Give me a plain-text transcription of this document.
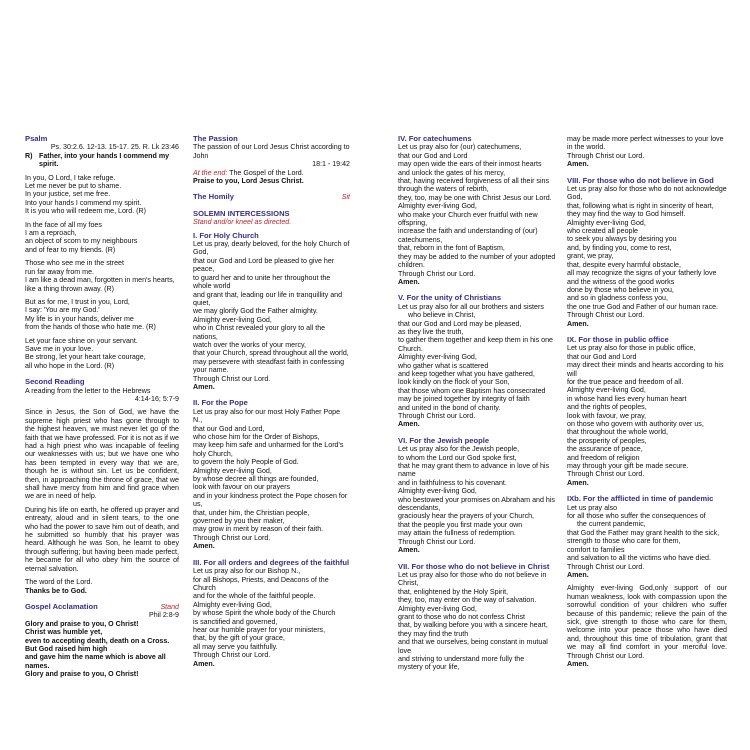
Psalm

Ps. 30:2.6. 12-13. 15-17. 25. R. Lk 23:46

R) Father, into your hands I commend my spirit.

In you, O Lord, I take refuge.

Let me never be put to shame.

In your justice, set me free.

Into your hands I commend my spirit.

It is you who will redeem me, Lord. (R)

In the face of all my foes

I am a reproach,

an object of scorn to my neighbours

and of fear to my friends. (R)

Those who see me in the street

run far away from me.

I am like a dead man, forgotten in men's hearts,

like a thing thrown away. (R)

But as for me, I trust in you, Lord,

I say: 'You are my God.'

My life is in your hands, deliver me

from the hands of those who hate me. (R)

Let your face shine on your servant.

Save me in your love.

Be strong, let your heart take courage,

all who hope in the Lord. (R)

Second Reading

A reading from the letter to the Hebrews

4:14-16; 5:7-9

Since in Jesus, the Son of God, we have the supreme high priest who has gone through to the highest heaven, we must never let go of the faith that we have professed. For it is not as if we had a high priest who was incapable of feeling our weaknesses with us; but we have one who has been tempted in every way that we are, though he is without sin. Let us be confident, then, in approaching the throne of grace, that we shall have mercy from him and find grace when we are in need of help.

During his life on earth, he offered up prayer and entreaty, aloud and in silent tears, to the one who had the power to save him out of death, and he submitted so humbly that his prayer was heard. Although he was Son, he learnt to obey through suffering; but having been made perfect, he became for all who obey him the source of eternal salvation.

The word of the Lord.

Thanks be to God.

Gospel Acclamation	Stand

Phil 2:8-9

Glory and praise to you, O Christ!

Christ was humble yet,

even to accepting death, death on a Cross.

But God raised him high

and gave him the name which is above all names.

Glory and praise to you, O Christ!

The Passion

The passion of our Lord Jesus Christ according to John

18:1 - 19:42

At the end: The Gospel of the Lord.

Praise to you, Lord Jesus Christ.

The Homily	Sit
SOLEMN INTERCESSIONS

Stand and/or kneel as directed.

I. For Holy Church

Let us pray, dearly beloved, for the holy Church of God,

that our God and Lord be pleased to give her peace,

to guard her and to unite her throughout the whole world

and grant that, leading our life in tranquillity and quiet,

we may glorify God the Father almighty.

Almighty ever-living God,

who in Christ revealed your glory to all the nations,

watch over the works of your mercy,

that your Church, spread throughout all the world,

may persevere with steadfast faith in confessing your name.

Through Christ our Lord.

Amen.

II. For the Pope

Let us pray also for our most Holy Father Pope N.,

that our God and Lord,

who chose him for the Order of Bishops,

may keep him safe and unharmed for the Lord's holy Church,

to govern the holy People of God.

Almighty ever-living God,

by whose decree all things are founded,

look with favour on our prayers

and in your kindness protect the Pope chosen for us,

that, under him, the Christian people,

governed by you their maker,

may grow in merit by reason of their faith.

Through Christ our Lord.

Amen.

III. For all orders and degrees of the faithful

Let us pray also for our Bishop N.,

for all Bishops, Priests, and Deacons of the Church

and for the whole of the faithful people.

Almighty ever-living God,

by whose Spirit the whole body of the Church

is sanctified and governed,

hear our humble prayer for your ministers,

that, by the gift of your grace,

all may serve you faithfully.

Through Christ our Lord.

Amen.

IV. For catechumens

Let us pray also for (our) catechumens,

that our God and Lord

may open wide the ears of their inmost hearts

and unlock the gates of his mercy,

that, having received forgiveness of all their sins

through the waters of rebirth,

they, too, may be one with Christ Jesus our Lord.

Almighty ever-living God,

who make your Church ever fruitful with new offspring,

increase the faith and understanding of (our) catechumens,

that, reborn in the font of Baptism,

they may be added to the number of your adopted children.

Through Christ our Lord.

Amen.

V. For the unity of Christians

Let us pray also for all our brothers and sisters

who believe in Christ,

that our God and Lord may be pleased,

as they live the truth,

to gather them together and keep them in his one Church.

Almighty ever-living God,

who gather what is scattered

and keep together what you have gathered,

look kindly on the flock of your Son,

that those whom one Baptism has consecrated

may be joined together by integrity of faith

and united in the bond of charity.

Through Christ our Lord.

Amen.

VI. For the Jewish people

Let us pray also for the Jewish people,

to whom the Lord our God spoke first,

that he may grant them to advance in love of his name

and in faithfulness to his covenant.

Almighty ever-living God,

who bestowed your promises on Abraham and his descendants,

graciously hear the prayers of your Church,

that the people you first made your own

may attain the fullness of redemption.

Through Christ our Lord.

Amen.

VII. For those who do not believe in Christ

Let us pray also for those who do not believe in Christ,

that, enlightened by the Holy Spirit,

they, too, may enter on the way of salvation.

Almighty ever-living God,

grant to those who do not confess Christ

that, by walking before you with a sincere heart,

they may find the truth

and that we ourselves, being constant in mutual love

and striving to understand more fully the

mystery of your life,

may be made more perfect witnesses to your love in the world.

Through Christ our Lord.

Amen.

VIII. For those who do not believe in God

Let us pray also for those who do not acknowledge God,

that, following what is right in sincerity of heart,

they may find the way to God himself.

Almighty ever-living God,

who created all people

to seek you always by desiring you

and, by finding you, come to rest,

grant, we pray,

that, despite every harmful obstacle,

all may recognize the signs of your fatherly love

and the witness of the good works

done by those who believe in you,

and so in gladness confess you,

the one true God and Father of our human race.

Through Christ our Lord.

Amen.

IX. For those in public office

Let us pray also for those in public office,

that our God and Lord

may direct their minds and hearts according to his will

for the true peace and freedom of all.

Almighty ever-living God,

in whose hand lies every human heart

and the rights of peoples,

look with favour, we pray,

on those who govern with authority over us,

that throughout the whole world,

the prosperity of peoples,

the assurance of peace,

and freedom of religion

may through your gift be made secure.

Through Christ our Lord.

Amen.

IXb. For the afflicted in time of pandemic

Let us pray also

for all those who suffer the consequences of

the current pandemic,

that God the Father may grant health to the sick,

strength to those who care for them,

comfort to families

and salvation to all the victims who have died.

Through Christ our Lord.

Amen.

Almighty ever-living God,only support of our human weakness, look with compassion upon the sorrowful condition of your children who suffer because of this pandemic; relieve the pain of the sick, give strength to those who care for them, welcome into your peace those who have died and, throughout this time of tribulation, grant that we may all find comfort in your merciful love. Through Christ our Lord.

Amen.
